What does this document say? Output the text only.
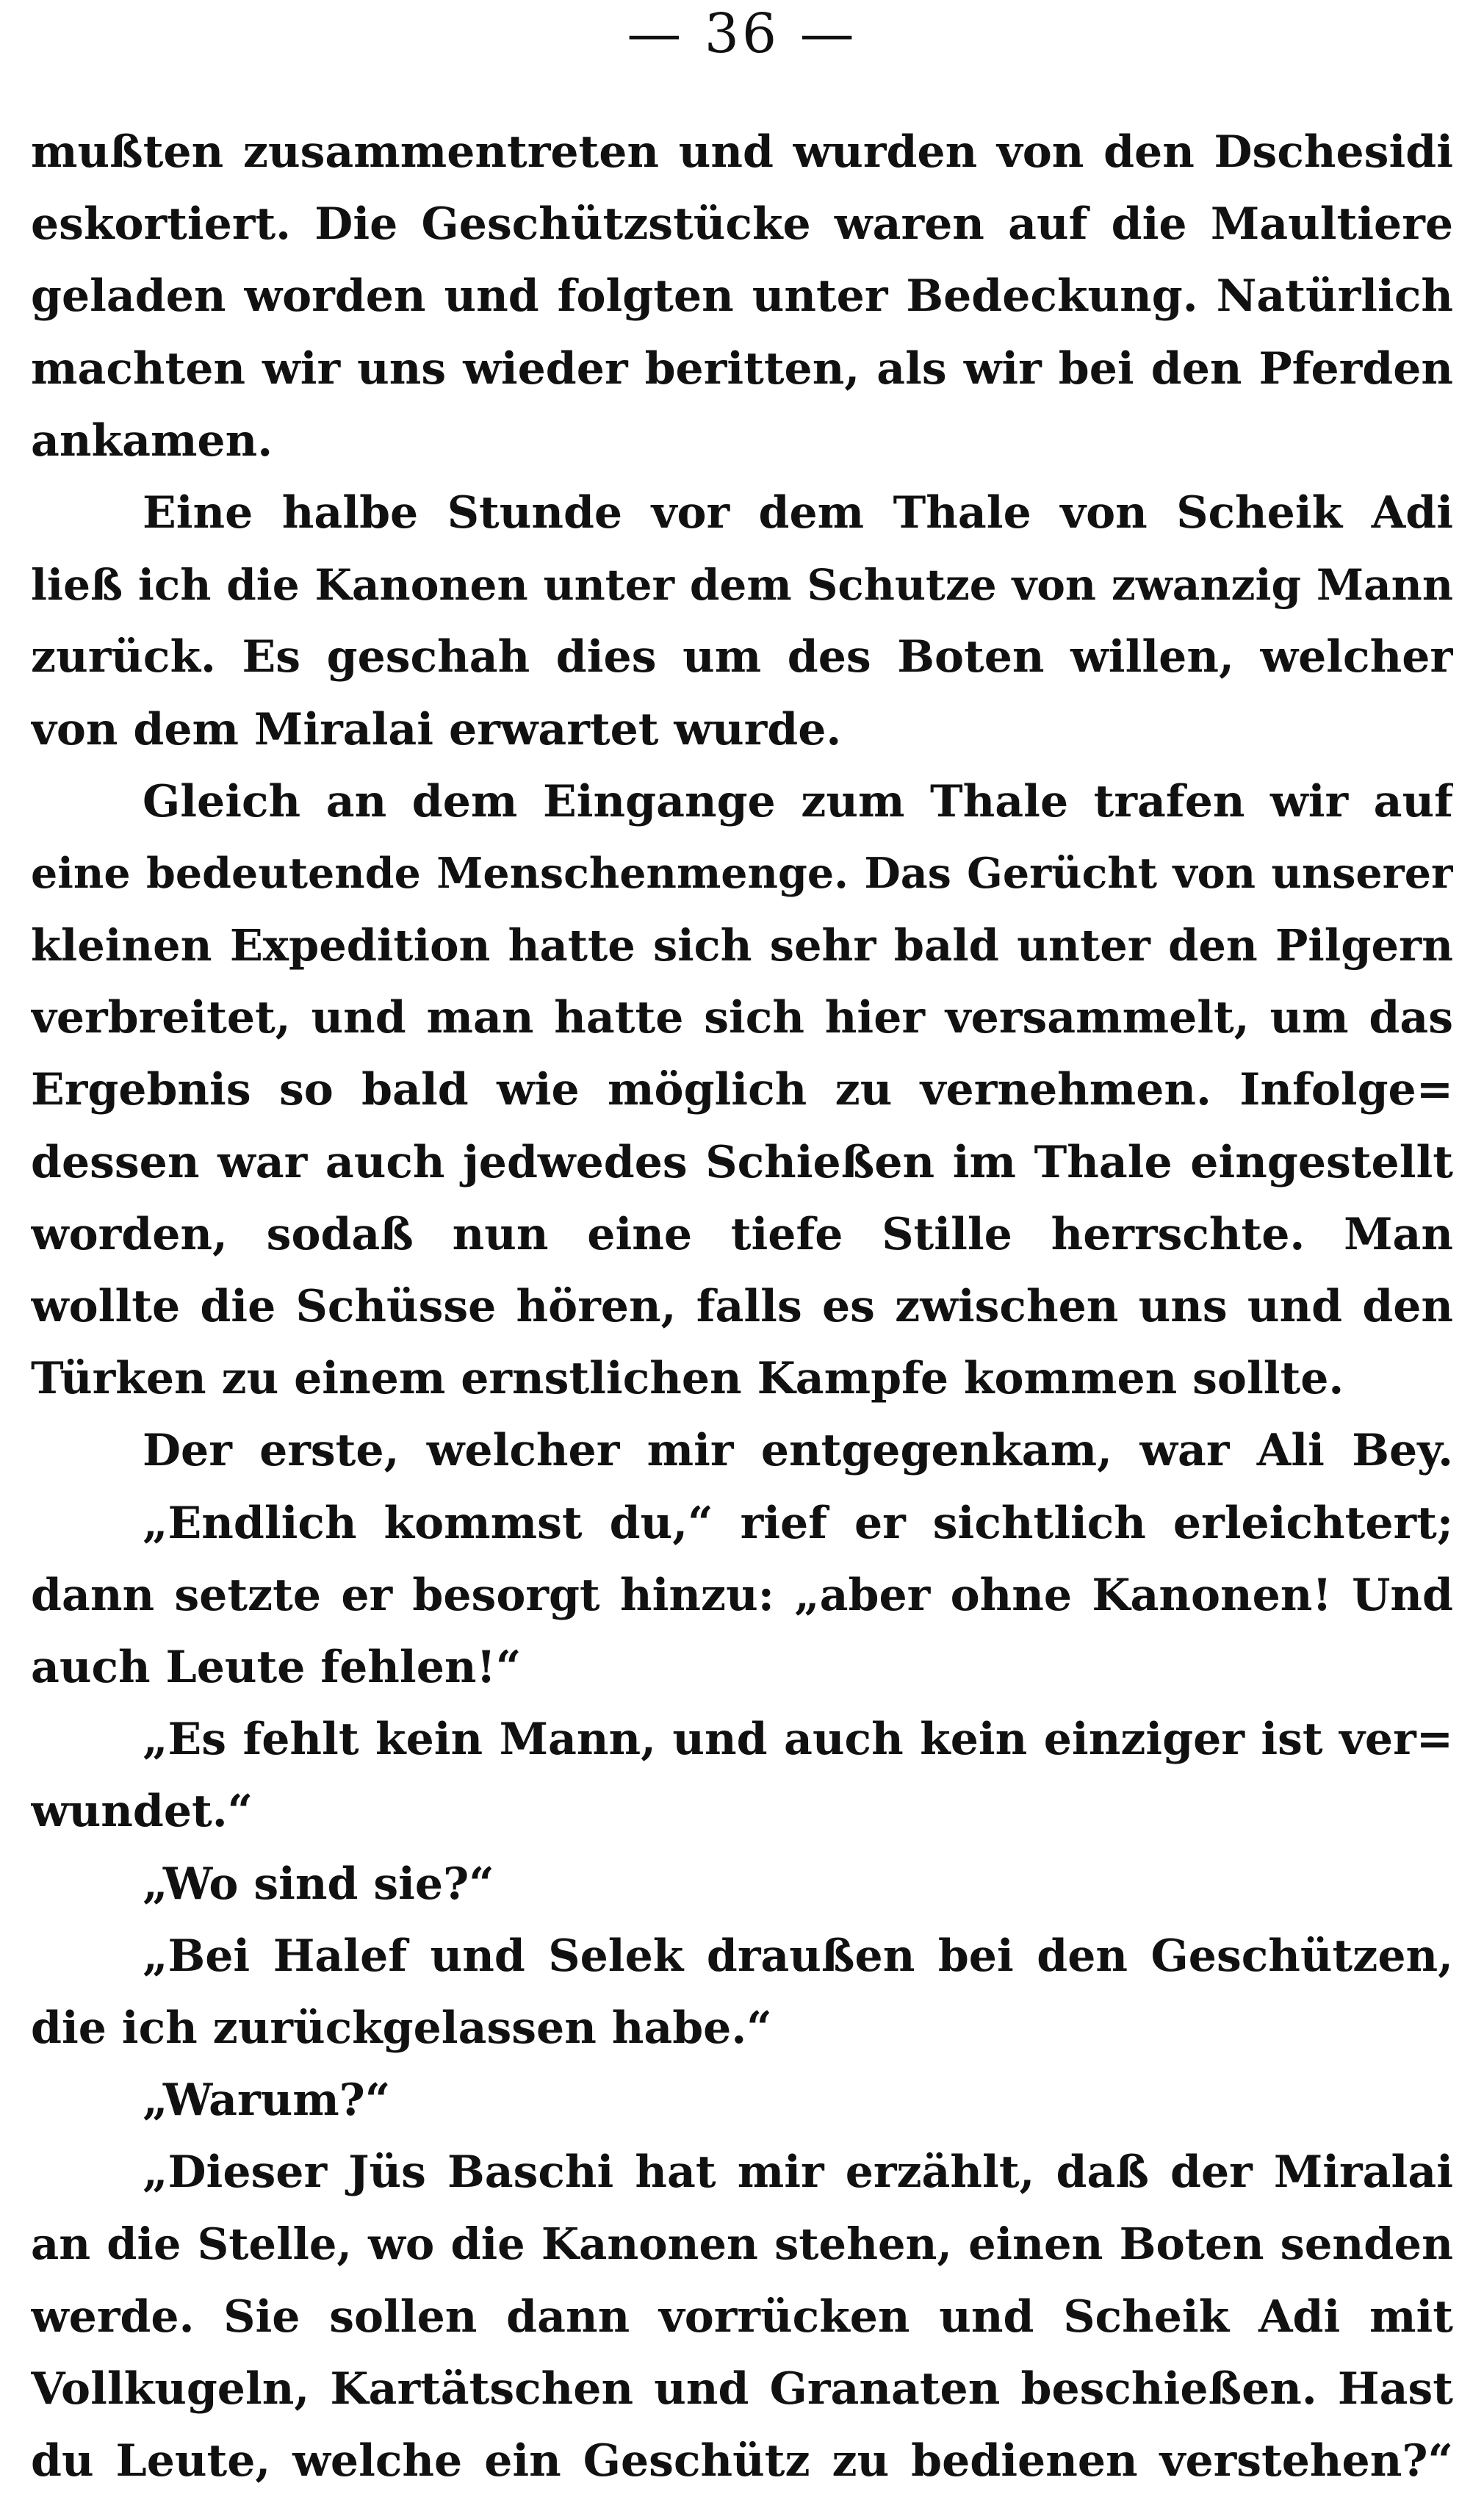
— 36 —
mußten zusammentreten und wurden von den Dschesidi
eskortiert. Die Geschützstücke waren auf die Maultiere
geladen worden und folgten unter Bedeckung. Natürlich
machten wir uns wieder beritten, als wir bei den Pferden
ankamen.
Eine halbe Stunde vor dem Thale von Scheik Adi
ließ ich die Kanonen unter dem Schutze von zwanzig Mann
zurück. Es geschah dies um des Boten willen, welcher
von dem Miralai erwartet wurde.
Gleich an dem Eingange zum Thale trafen wir auf
eine bedeutende Menschenmenge. Das Gerücht von unserer
kleinen Expedition hatte sich sehr bald unter den Pilgern
verbreitet, und man hatte sich hier versammelt, um das
Ergebnis so bald wie möglich zu vernehmen. Infolge=
dessen war auch jedwedes Schießen im Thale eingestellt
worden, sodaß nun eine tiefe Stille herrschte. Man
wollte die Schüsse hören, falls es zwischen uns und den
Türken zu einem ernstlichen Kampfe kommen sollte.
Der erste, welcher mir entgegenkam, war Ali Bey.
„Endlich kommst du,“ rief er sichtlich erleichtert;
dann setzte er besorgt hinzu: „aber ohne Kanonen! Und
auch Leute fehlen!“
„Es fehlt kein Mann, und auch kein einziger ist ver=
wundet.“
„Wo sind sie?“
„Bei Halef und Selek draußen bei den Geschützen,
die ich zurückgelassen habe.“
„Warum?“
„Dieser Jüs Baschi hat mir erzählt, daß der Miralai
an die Stelle, wo die Kanonen stehen, einen Boten senden
werde. Sie sollen dann vorrücken und Scheik Adi mit
Vollkugeln, Kartätschen und Granaten beschießen. Hast
du Leute, welche ein Geschütz zu bedienen verstehen?“
